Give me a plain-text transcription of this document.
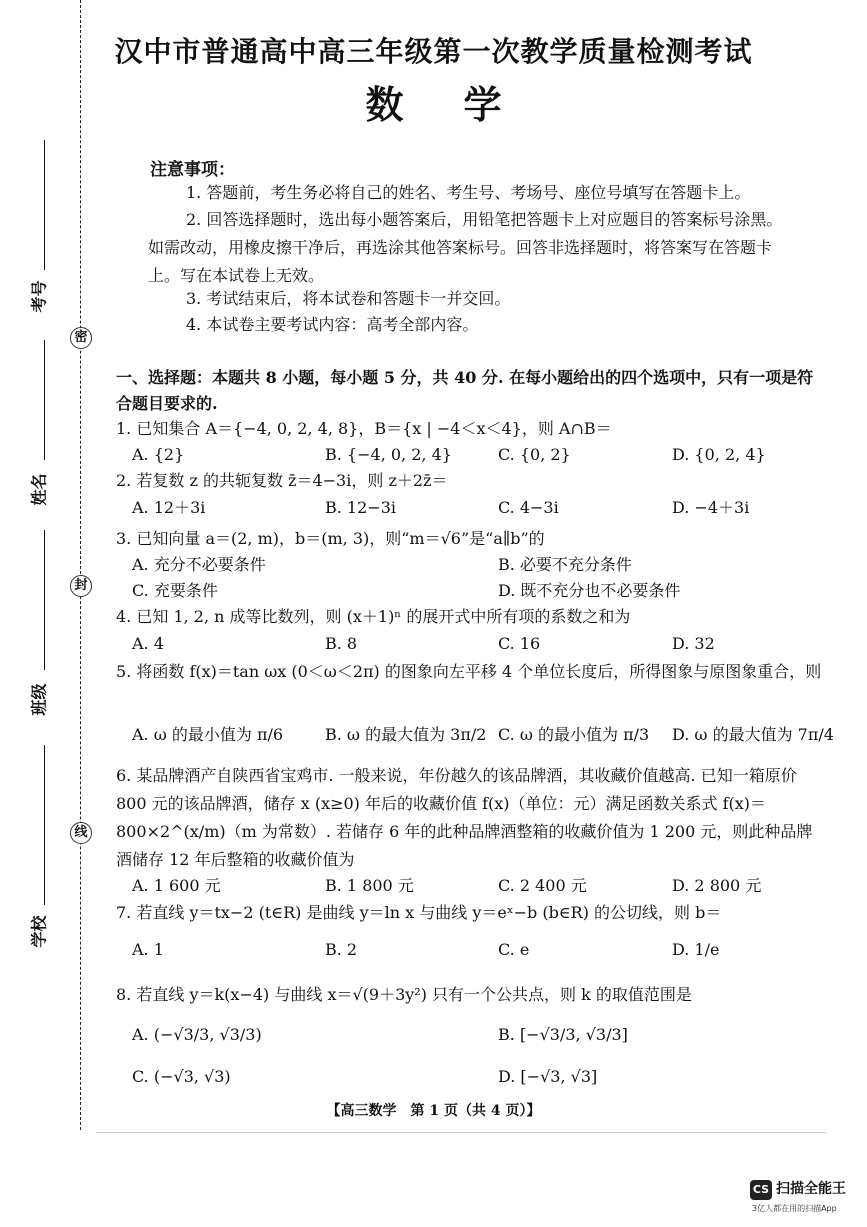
考号
姓名
班级
学校
密
封
线
汉中市普通高中高三年级第一次教学质量检测考试
数学
注意事项：
1. 答题前，考生务必将自己的姓名、考生号、考场号、座位号填写在答题卡上。
2. 回答选择题时，选出每小题答案后，用铅笔把答题卡上对应题目的答案标号涂黑。如需改动，用橡皮擦干净后，再选涂其他答案标号。回答非选择题时，将答案写在答题卡上。写在本试卷上无效。
3. 考试结束后，将本试卷和答题卡一并交回。
4. 本试卷主要考试内容：高考全部内容。
一、选择题：本题共 8 小题，每小题 5 分，共 40 分. 在每小题给出的四个选项中，只有一项是符合题目要求的.
1. 已知集合 A＝{−4, 0, 2, 4, 8}，B＝{x | −4＜x＜4}，则 A∩B＝
A. {2}	B. {−4, 0, 2, 4}	C. {0, 2}	D. {0, 2, 4}
2. 若复数 z 的共轭复数 z̄＝4−3i，则 z＋2z̄＝
A. 12＋3i	B. 12−3i	C. 4−3i	D. −4＋3i
3. 已知向量 a＝(2, m)，b＝(m, 3)，则“m＝√6”是“a∥b”的
A. 充分不必要条件	B. 必要不充分条件
C. 充要条件	D. 既不充分也不必要条件
4. 已知 1, 2, n 成等比数列，则 (x＋1)ⁿ 的展开式中所有项的系数之和为
A. 4	B. 8	C. 16	D. 32
5. 将函数 f(x)＝tan ωx (0＜ω＜2π) 的图象向左平移 4 个单位长度后，所得图象与原图象重合，则
A. ω 的最小值为 π/6	B. ω 的最大值为 3π/2 C. ω 的最小值为 π/3 D. ω 的最大值为 7π/4
6. 某品牌酒产自陕西省宝鸡市. 一般来说，年份越久的该品牌酒，其收藏价值越高. 已知一箱原价 800 元的该品牌酒，储存 x (x≥0) 年后的收藏价值 f(x)（单位：元）满足函数关系式 f(x)＝800×2^(x/m)（m 为常数）. 若储存 6 年的此种品牌酒整箱的收藏价值为 1 200 元，则此种品牌酒储存 12 年后整箱的收藏价值为
A. 1 600 元	B. 1 800 元	C. 2 400 元	D. 2 800 元
7. 若直线 y＝tx−2 (t∈R) 是曲线 y＝ln x 与曲线 y＝eˣ−b (b∈R) 的公切线，则 b＝
A. 1	B. 2	C. e	D. 1/e
8. 若直线 y＝k(x−4) 与曲线 x＝√(9＋3y²) 只有一个公共点，则 k 的取值范围是
A. (−√3/3, √3/3)	B. [−√3/3, √3/3]
C. (−√3, √3)	D. [−√3, √3]
【高三数学　第 1 页（共 4 页）】
CS 扫描全能王
3亿人都在用的扫描App
